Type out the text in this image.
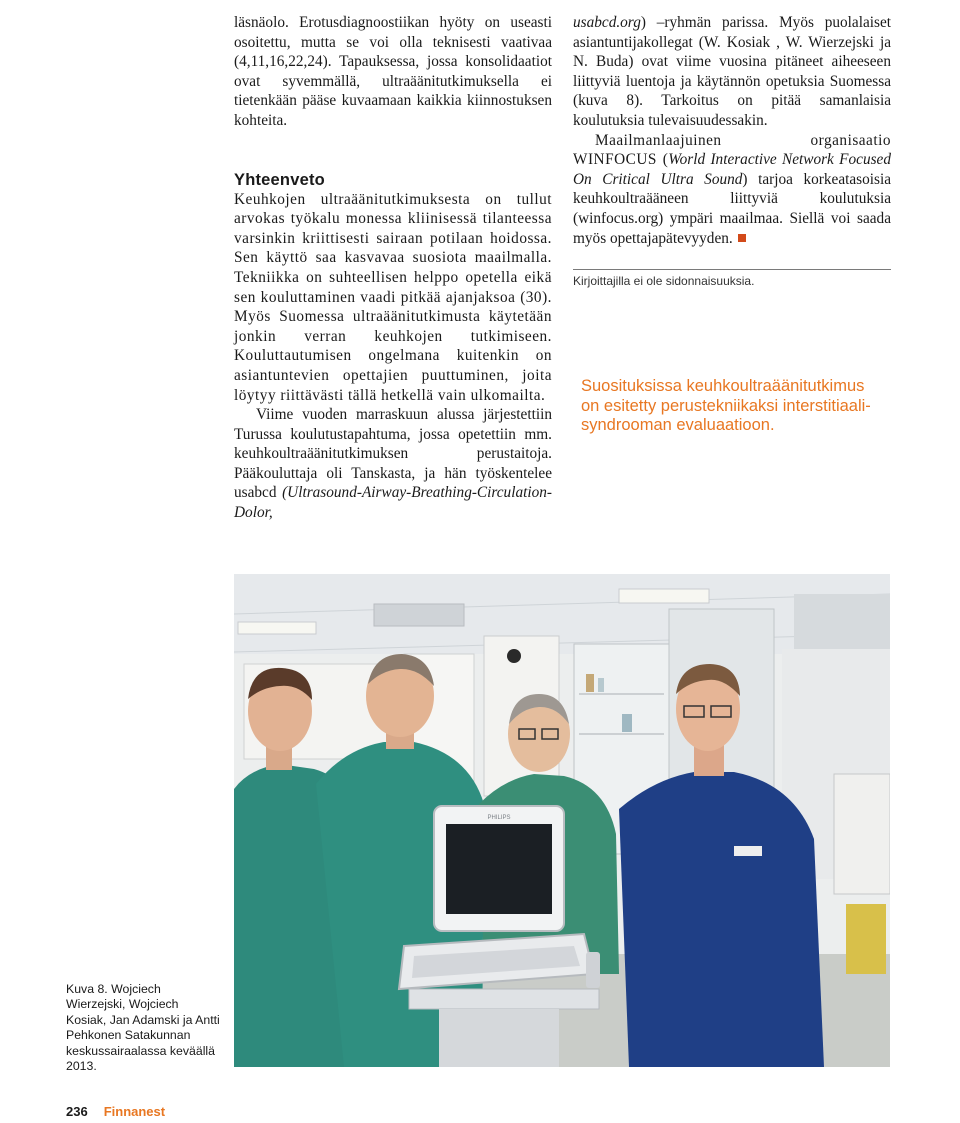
läsnäolo. Erotusdiagnoostiikan hyöty on useasti osoitettu, mutta se voi olla teknisesti vaativaa (4,11,16,22,24). Tapauksessa, jossa konsolidaatiot ovat syvemmällä, ultraäänitutkimuksella ei tietenkään pääse kuvaamaan kaikkia kiinnostuksen kohteita.

Yhteenveto

Keuhkojen ultraäänitutkimuksesta on tullut arvokas työkalu monessa kliinisessä tilanteessa varsinkin kriittisesti sairaan potilaan hoidossa. Sen käyttö saa kasvavaa suosiota maailmalla. Tekniikka on suhteellisen helppo opetella eikä sen kouluttaminen vaadi pitkää ajanjaksoa (30). Myös Suomessa ultraäänitutkimusta käytetään jonkin verran keuhkojen tutkimiseen. Kouluttautumisen ongelmana kuitenkin on asiantuntevien opettajien puuttuminen, joita löytyy riittävästi tällä hetkellä vain ulkomailta.

Viime vuoden marraskuun alussa järjestettiin Turussa koulutustapahtuma, jossa opetettiin mm. keuhkoultraäänitutkimuksen perustaitoja. Pääkouluttaja oli Tanskasta, ja hän työskentelee usabcd (Ultrasound-Airway-Breathing-Circulation-Dolor,

usabcd.org) –ryhmän parissa. Myös puolalaiset asiantuntijakollegat (W. Kosiak , W. Wierzejski ja N. Buda) ovat viime vuosina pitäneet aiheeseen liittyviä luentoja ja käytännön opetuksia Suomessa (kuva 8). Tarkoitus on pitää samanlaisia koulutuksia tulevaisuudessakin.

Maailmanlaajuinen organisaatio WINFOCUS (World Interactive Network Focused On Critical Ultra Sound) tarjoa korkeatasoisia keuhkoultraääneen liittyviä koulutuksia (winfocus.org) ympäri maailmaa. Siellä voi saada myös opettajapätevyyden.

Kirjoittajilla ei ole sidonnaisuuksia.

Suosituksissa keuhkoultraäänitutkimus on esitetty perustekniikaksi interstitiaali-syndrooman evaluaatioon.

PHILIPS

Kuva 8. Wojciech Wierzejski, Wojciech Kosiak, Jan Adamski ja Antti Pehkonen Satakunnan keskussairaalassa keväällä 2013.

236 Finnanest
